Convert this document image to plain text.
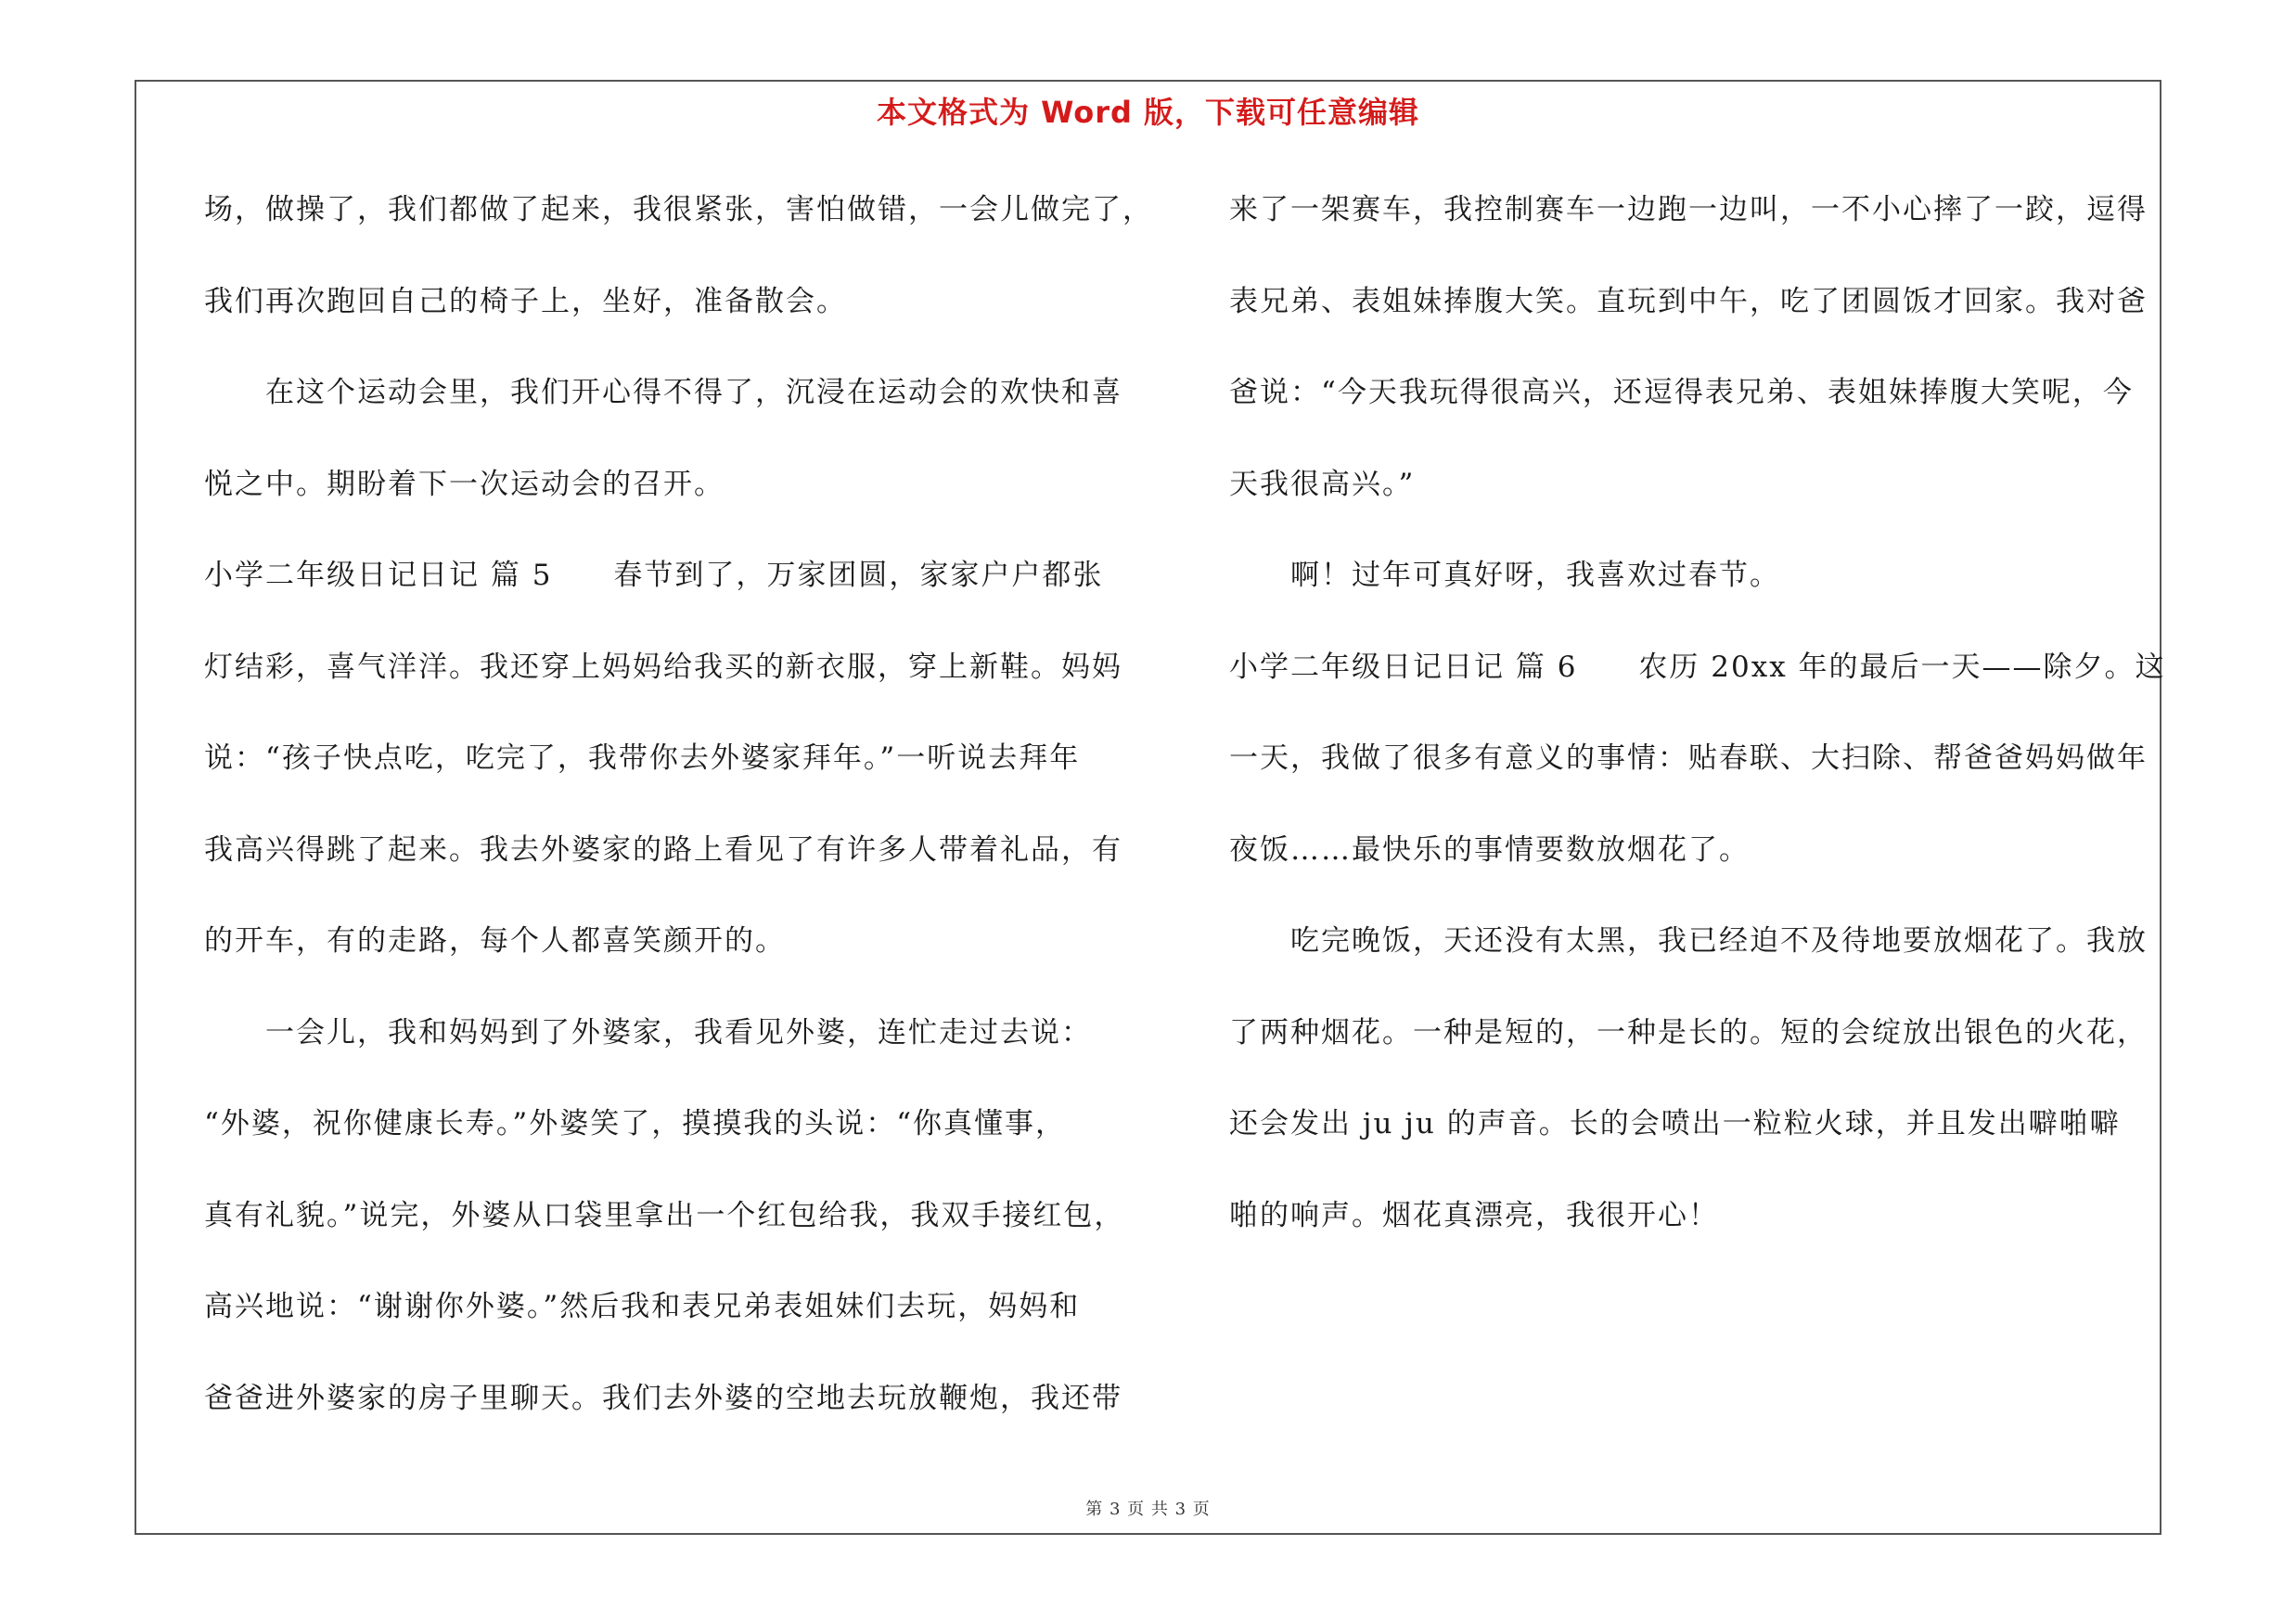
本文格式为 Word 版，下载可任意编辑
场，做操了，我们都做了起来，我很紧张，害怕做错，一会儿做完了，
我们再次跑回自己的椅子上，坐好，准备散会。
在这个运动会里，我们开心得不得了，沉浸在运动会的欢快和喜
悦之中。期盼着下一次运动会的召开。
小学二年级日记日记 篇 5　　春节到了，万家团圆，家家户户都张
灯结彩，喜气洋洋。我还穿上妈妈给我买的新衣服，穿上新鞋。妈妈
说：“孩子快点吃，吃完了，我带你去外婆家拜年。”一听说去拜年
我高兴得跳了起来。我去外婆家的路上看见了有许多人带着礼品，有
的开车，有的走路，每个人都喜笑颜开的。
一会儿，我和妈妈到了外婆家，我看见外婆，连忙走过去说：
“外婆，祝你健康长寿。”外婆笑了，摸摸我的头说：“你真懂事，
真有礼貌。”说完，外婆从口袋里拿出一个红包给我，我双手接红包，
高兴地说：“谢谢你外婆。”然后我和表兄弟表姐妹们去玩，妈妈和
爸爸进外婆家的房子里聊天。我们去外婆的空地去玩放鞭炮，我还带
来了一架赛车，我控制赛车一边跑一边叫，一不小心摔了一跤，逗得
表兄弟、表姐妹捧腹大笑。直玩到中午，吃了团圆饭才回家。我对爸
爸说：“今天我玩得很高兴，还逗得表兄弟、表姐妹捧腹大笑呢，今
天我很高兴。”
啊！过年可真好呀，我喜欢过春节。
小学二年级日记日记 篇 6　　农历 20xx 年的最后一天——除夕。这
一天，我做了很多有意义的事情：贴春联、大扫除、帮爸爸妈妈做年
夜饭……最快乐的事情要数放烟花了。
吃完晚饭，天还没有太黑，我已经迫不及待地要放烟花了。我放
了两种烟花。一种是短的，一种是长的。短的会绽放出银色的火花，
还会发出 ju ju 的声音。长的会喷出一粒粒火球，并且发出噼啪噼
啪的响声。烟花真漂亮，我很开心！
第 3 页 共 3 页
